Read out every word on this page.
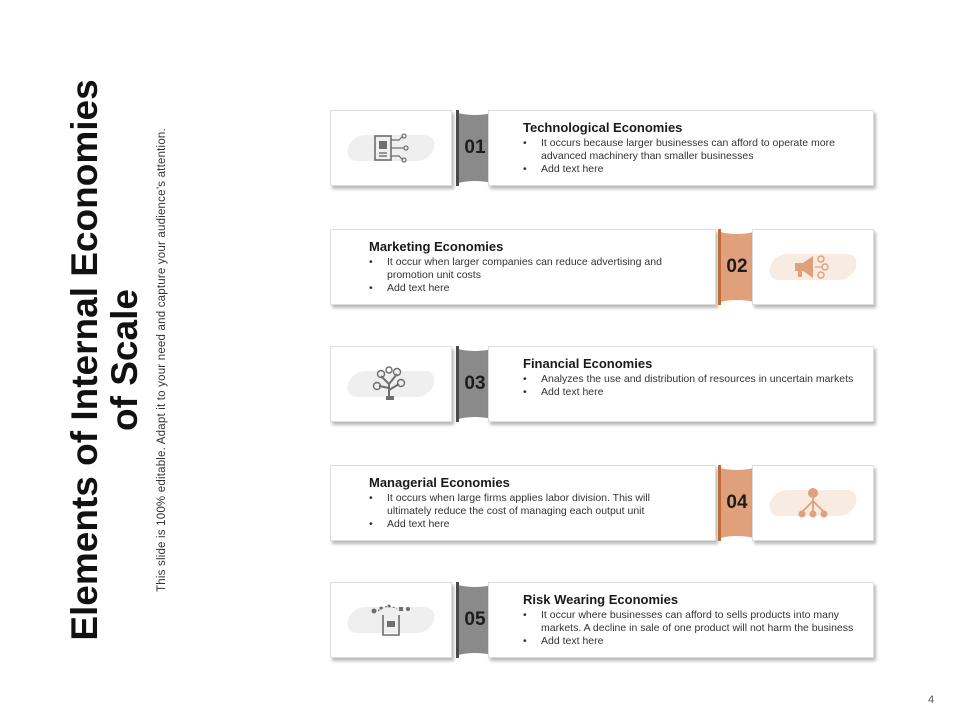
Elements of Internal Economies of Scale This slide is 100% editable. Adapt it to your need and capture your audience’s attention.	01
Technological Economies
• It occurs because larger businesses can afford to operate more advanced machinery than smaller businesses
• Add text here
Marketing Economies
• It occur when larger companies can reduce advertising and promotion unit costs
• Add text here
02
03
Financial Economies
• Analyzes the use and distribution of resources in uncertain markets
• Add text here
Managerial Economies
• It occurs when large firms applies labor division. This will ultimately reduce the cost of managing each output unit
• Add text here
04
05
Risk Wearing Economies
• It occur where businesses can afford to sells products into many markets. A decline in sale of one product will not harm the business
• Add text here
4
